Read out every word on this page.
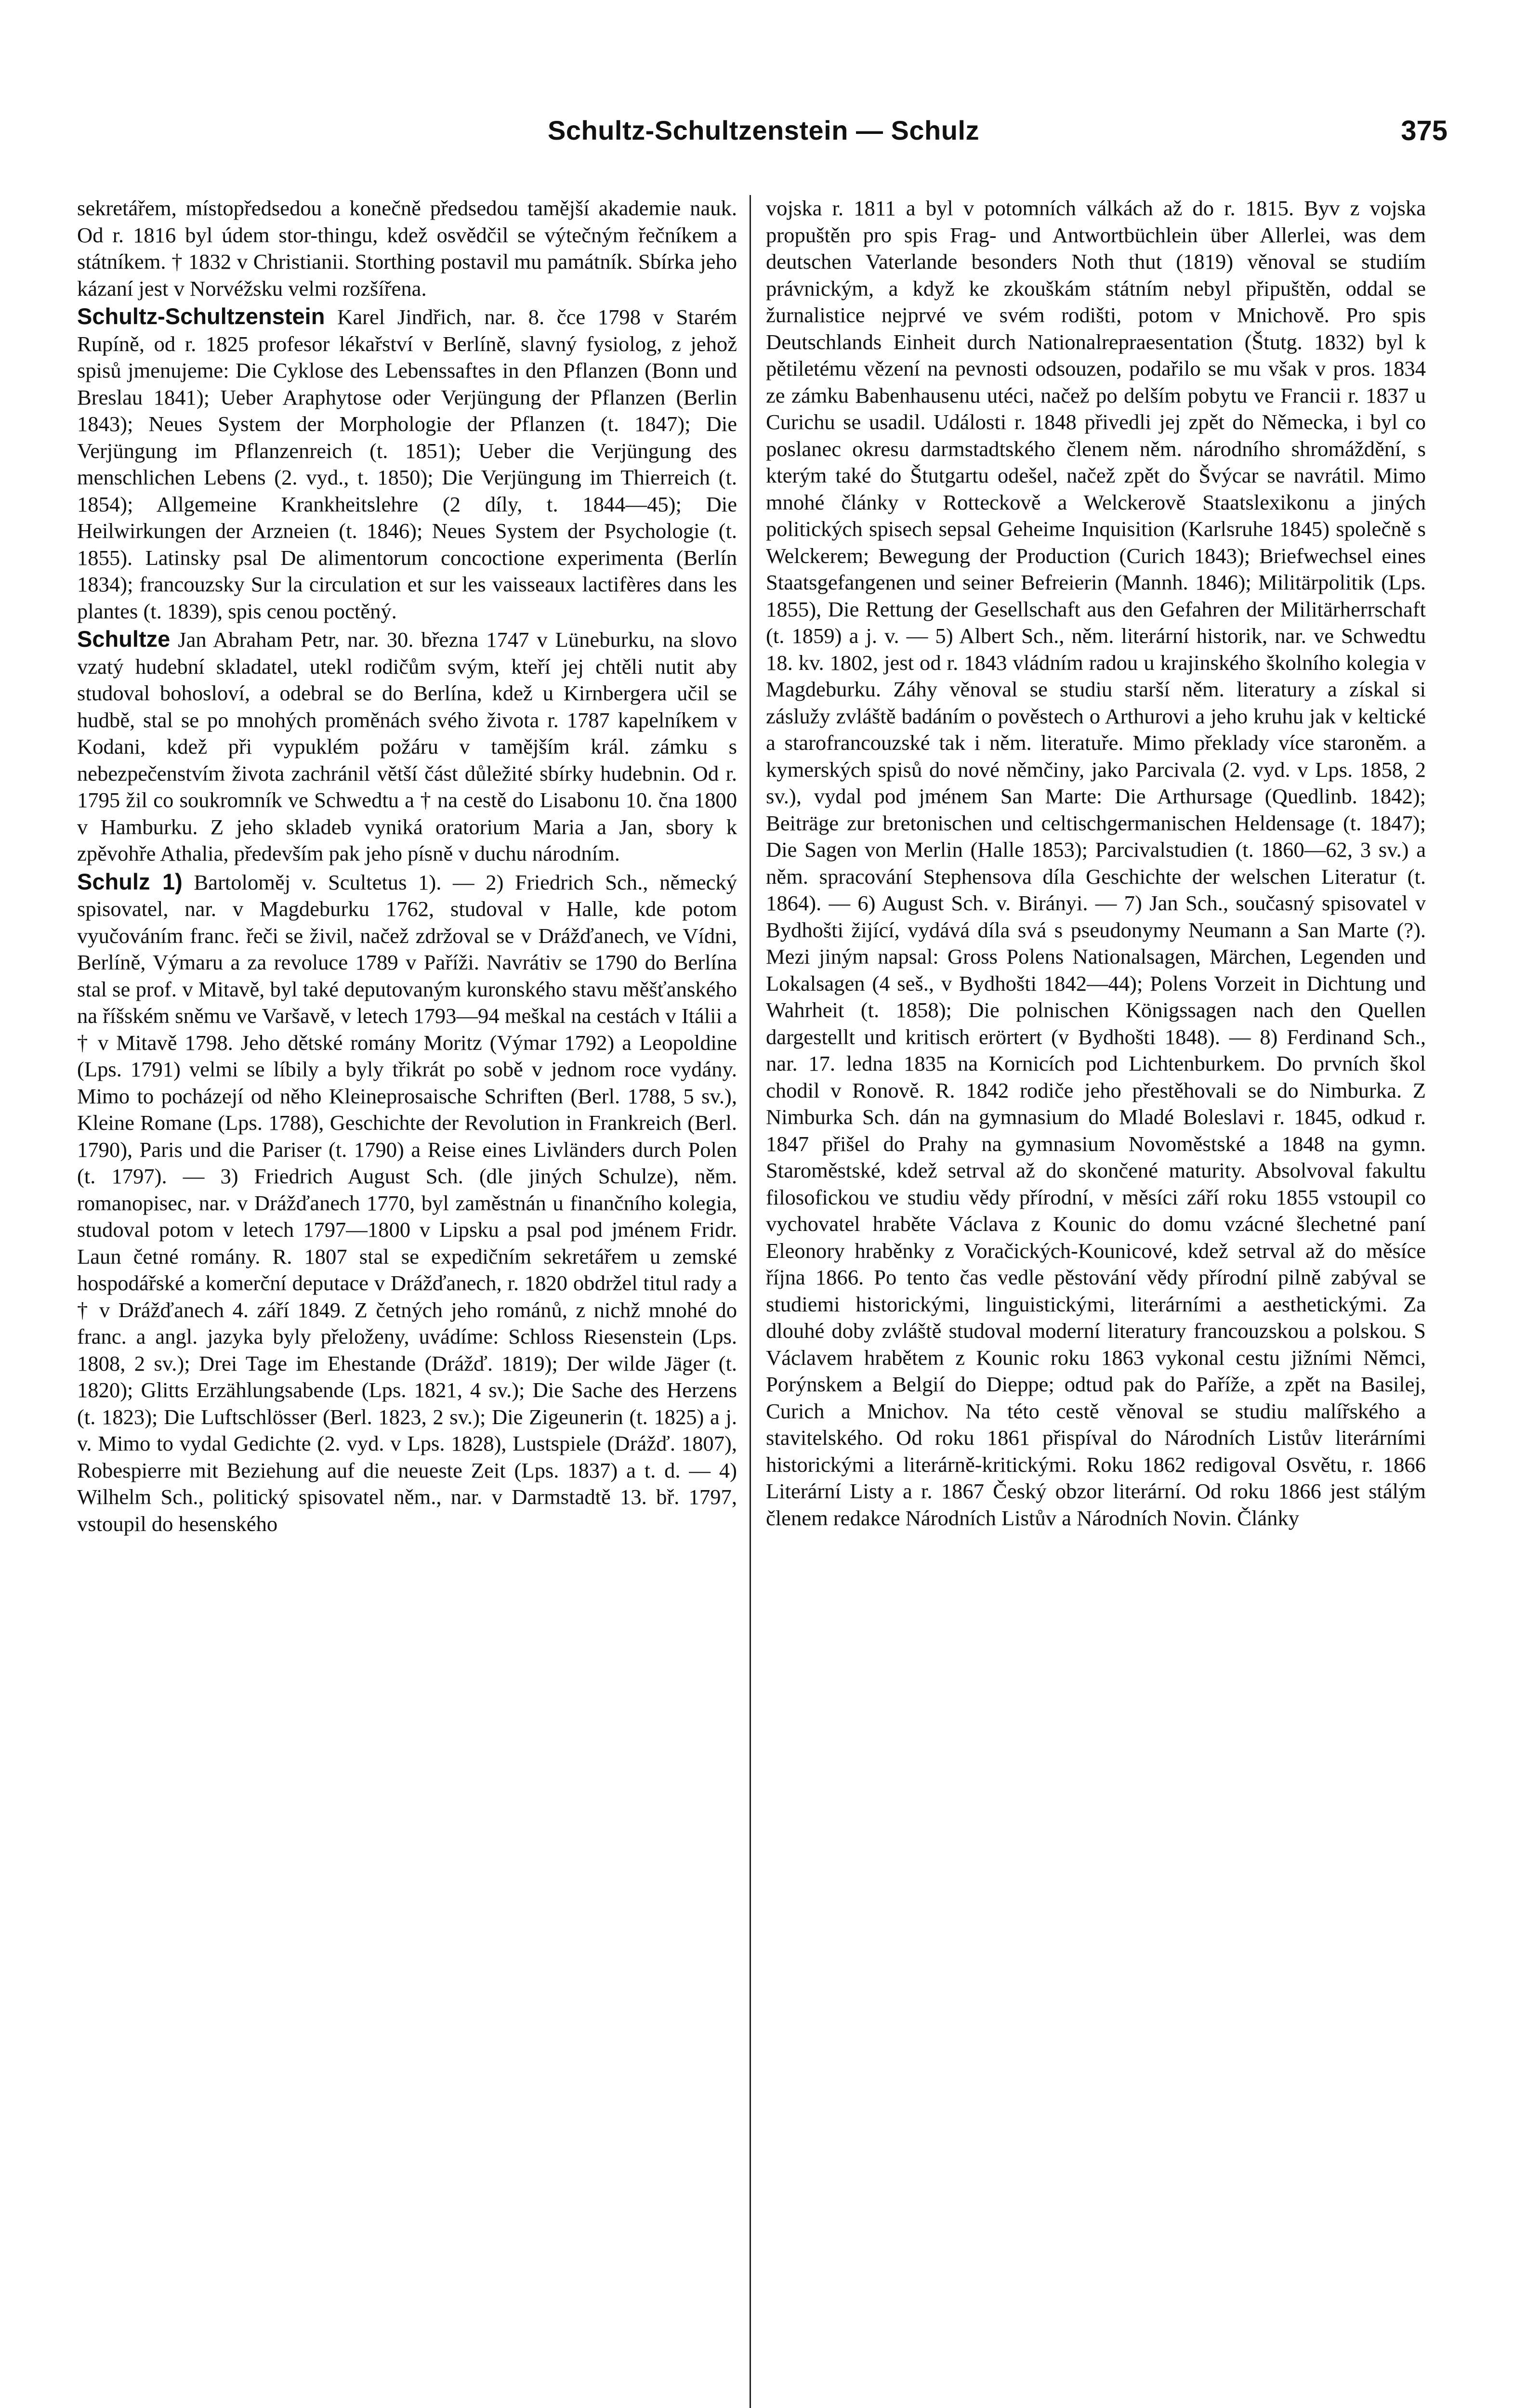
Schultz-Schultzenstein — Schulz	375

sekretářem, místopředsedou a konečně předsedou tamější akademie nauk. Od r. 1816 byl údem stor-thingu, kdež osvědčil se výtečným řečníkem a státníkem. † 1832 v Christianii. Storthing postavil mu památník. Sbírka jeho kázaní jest v Norvéžsku velmi rozšířena.

Schultz-Schultzenstein Karel Jindřich, nar. 8. čce 1798 v Starém Rupíně, od r. 1825 profesor lékařství v Berlíně, slavný fysiolog, z jehož spisů jmenujeme: Die Cyklose des Lebenssaftes in den Pflanzen (Bonn und Breslau 1841); Ueber Araphytose oder Verjüngung der Pflanzen (Berlin 1843); Neues System der Morphologie der Pflanzen (t. 1847); Die Verjüngung im Pflanzenreich (t. 1851); Ueber die Verjüngung des menschlichen Lebens (2. vyd., t. 1850); Die Verjüngung im Thierreich (t. 1854); Allgemeine Krankheitslehre (2 díly, t. 1844—45); Die Heilwirkungen der Arzneien (t. 1846); Neues System der Psychologie (t. 1855). Latinsky psal De alimentorum concoctione experimenta (Berlín 1834); francouzsky Sur la circulation et sur les vaisseaux lactifères dans les plantes (t. 1839), spis cenou poctěný.

Schultze Jan Abraham Petr, nar. 30. března 1747 v Lüneburku, na slovo vzatý hudební skladatel, utekl rodičům svým, kteří jej chtěli nutit aby studoval bohosloví, a odebral se do Berlína, kdež u Kirnbergera učil se hudbě, stal se po mnohých proměnách svého života r. 1787 kapelníkem v Kodani, kdež při vypuklém požáru v tamějším král. zámku s nebezpečenstvím života zachránil větší část důležité sbírky hudebnin. Od r. 1795 žil co soukromník ve Schwedtu a † na cestě do Lisabonu 10. čna 1800 v Hamburku. Z jeho skladeb vyniká oratorium Maria a Jan, sbory k zpěvohře Athalia, především pak jeho písně v duchu národním.

Schulz 1) Bartoloměj v. Scultetus 1). — 2) Friedrich Sch., německý spisovatel, nar. v Magdeburku 1762, studoval v Halle, kde potom vyučováním franc. řeči se živil, načež zdržoval se v Drážďanech, ve Vídni, Berlíně, Výmaru a za revoluce 1789 v Paříži. Navrátiv se 1790 do Berlína stal se prof. v Mitavě, byl také deputovaným kuronského stavu měšťanského na říšském sněmu ve Varšavě, v letech 1793—94 meškal na cestách v Itálii a † v Mitavě 1798. Jeho dětské romány Moritz (Výmar 1792) a Leopoldine (Lps. 1791) velmi se líbily a byly třikrát po sobě v jednom roce vydány. Mimo to pocházejí od něho Kleineprosaische Schriften (Berl. 1788, 5 sv.), Kleine Romane (Lps. 1788), Geschichte der Revolution in Frankreich (Berl. 1790), Paris und die Pariser (t. 1790) a Reise eines Livländers durch Polen (t. 1797). — 3) Friedrich August Sch. (dle jiných Schulze), něm. romanopisec, nar. v Drážďanech 1770, byl zaměstnán u finančního kolegia, studoval potom v letech 1797—1800 v Lipsku a psal pod jménem Fridr. Laun četné romány. R. 1807 stal se expedičním sekretářem u zemské hospodářské a komerční deputace v Drážďanech, r. 1820 obdržel titul rady a † v Drážďanech 4. září 1849. Z četných jeho románů, z nichž mnohé do franc. a angl. jazyka byly přeloženy, uvádíme: Schloss Riesenstein (Lps. 1808, 2 sv.); Drei Tage im Ehestande (Drážď. 1819); Der wilde Jäger (t. 1820); Glitts Erzählungsabende (Lps. 1821, 4 sv.); Die Sache des Herzens (t. 1823); Die Luftschlösser (Berl. 1823, 2 sv.); Die Zigeunerin (t. 1825) a j. v. Mimo to vydal Gedichte (2. vyd. v Lps. 1828), Lustspiele (Drážď. 1807), Robespierre mit Beziehung auf die neueste Zeit (Lps. 1837) a t. d. — 4) Wilhelm Sch., politický spisovatel něm., nar. v Darmstadtě 13. bř. 1797, vstoupil do hesenského

vojska r. 1811 a byl v potomních válkách až do r. 1815. Byv z vojska propuštěn pro spis Frag- und Antwortbüchlein über Allerlei, was dem deutschen Vaterlande besonders Noth thut (1819) věnoval se studiím právnickým, a když ke zkouškám státním nebyl připuštěn, oddal se žurnalistice nejprvé ve svém rodišti, potom v Mnichově. Pro spis Deutschlands Einheit durch Nationalrepraesentation (Štutg. 1832) byl k pětiletému vězení na pevnosti odsouzen, podařilo se mu však v pros. 1834 ze zámku Babenhausenu utéci, načež po delším pobytu ve Francii r. 1837 u Curichu se usadil. Události r. 1848 přivedli jej zpět do Německa, i byl co poslanec okresu darmstadtského členem něm. národního shromáždění, s kterým také do Štutgartu odešel, načež zpět do Švýcar se navrátil. Mimo mnohé články v Rotteckově a Welckerově Staatslexikonu a jiných politických spisech sepsal Geheime Inquisition (Karlsruhe 1845) společně s Welckerem; Bewegung der Production (Curich 1843); Briefwechsel eines Staatsgefangenen und seiner Befreierin (Mannh. 1846); Militärpolitik (Lps. 1855), Die Rettung der Gesellschaft aus den Gefahren der Militärherrschaft (t. 1859) a j. v. — 5) Albert Sch., něm. literární historik, nar. ve Schwedtu 18. kv. 1802, jest od r. 1843 vládním radou u krajinského školního kolegia v Magdeburku. Záhy věnoval se studiu starší něm. literatury a získal si záslužy zvláště badáním o pověstech o Arthurovi a jeho kruhu jak v keltické a starofrancouzské tak i něm. literatuře. Mimo překlady více staroněm. a kymerských spisů do nové němčiny, jako Parcivala (2. vyd. v Lps. 1858, 2 sv.), vydal pod jménem San Marte: Die Arthursage (Quedlinb. 1842); Beiträge zur bretonischen und celtischgermanischen Heldensage (t. 1847); Die Sagen von Merlin (Halle 1853); Parcivalstudien (t. 1860—62, 3 sv.) a něm. spracování Stephensova díla Geschichte der welschen Literatur (t. 1864). — 6) August Sch. v. Birányi. — 7) Jan Sch., současný spisovatel v Bydhošti žijící, vydává díla svá s pseudonymy Neumann a San Marte (?). Mezi jiným napsal: Gross Polens Nationalsagen, Märchen, Legenden und Lokalsagen (4 seš., v Bydhošti 1842—44); Polens Vorzeit in Dichtung und Wahrheit (t. 1858); Die polnischen Königssagen nach den Quellen dargestellt und kritisch erörtert (v Bydhošti 1848). — 8) Ferdinand Sch., nar. 17. ledna 1835 na Kornicích pod Lichtenburkem. Do prvních škol chodil v Ronově. R. 1842 rodiče jeho přestěhovali se do Nimburka. Z Nimburka Sch. dán na gymnasium do Mladé Boleslavi r. 1845, odkud r. 1847 přišel do Prahy na gymnasium Novoměstské a 1848 na gymn. Staroměstské, kdež setrval až do skončené maturity. Absolvoval fakultu filosofickou ve studiu vědy přírodní, v měsíci září roku 1855 vstoupil co vychovatel hraběte Václava z Kounic do domu vzácné šlechetné paní Eleonory hraběnky z Voračických-Kounicové, kdež setrval až do měsíce října 1866. Po tento čas vedle pěstování vědy přírodní pilně zabýval se studiemi historickými, linguistickými, literárními a aesthetickými. Za dlouhé doby zvláště studoval moderní literatury francouzskou a polskou. S Václavem hrabětem z Kounic roku 1863 vykonal cestu jižními Němci, Porýnskem a Belgií do Dieppe; odtud pak do Paříže, a zpět na Basilej, Curich a Mnichov. Na této cestě věnoval se studiu malířského a stavitelského. Od roku 1861 přispíval do Národních Listův literárními historickými a literárně-kritickými. Roku 1862 redigoval Osvětu, r. 1866 Literární Listy a r. 1867 Český obzor literární. Od roku 1866 jest stálým členem redakce Národních Listův a Národních Novin. Články
